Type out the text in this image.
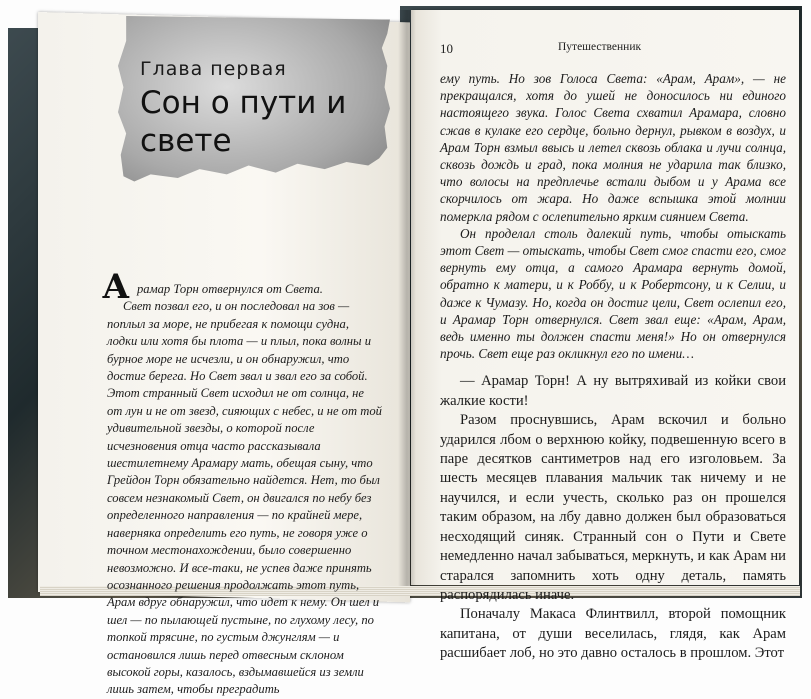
Глава первая
Сон о пути и свете
А рамар Торн отвернулся от Света.

Свет позвал его, и он последовал на зов — поплыл за море, не прибегая к помощи судна, лодки или хотя бы плота — и плыл, пока волны и бурное море не исчезли, и он обнаружил, что достиг берега. Но Свет звал и звал его за собой. Этот странный Свет исходил не от солнца, не от лун и не от звезд, сияющих с небес, и не от той удивительной звезды, о которой после исчезновения отца часто рассказывала шестилетнему Арамару мать, обещая сыну, что Грейдон Торн обязательно найдется. Нет, то был совсем незнакомый Свет, он двигался по небу без определенного направления — по крайней мере, наверняка определить его путь, не говоря уже о точном местонахождении, было совершенно невозможно. И все-таки, не успев даже принять осознанного решения продолжать этот путь, Арам вдруг обнаружил, что идет к нему. Он шел и шел — по пылающей пустыне, по глухому лесу, по топкой трясине, по густым джунглям — и остановился лишь перед отвесным склоном высокой горы, казалось, вздымавшейся из земли лишь затем, чтобы преградить

10	Путешественник

ему путь. Но зов Голоса Света: «Арам, Арам», — не прекращался, хотя до ушей не доносилось ни единого настоящего звука. Голос Света схватил Арамара, словно сжав в кулаке его сердце, больно дернул, рывком в воздух, и Арам Торн взмыл ввысь и летел сквозь облака и лучи солнца, сквозь дождь и град, пока молния не ударила так близко, что волосы на предплечье встали дыбом и у Арама все скорчилось от жара. Но даже вспышка этой молнии померкла рядом с ослепительно ярким сиянием Света.

Он проделал столь далекий путь, чтобы отыскать этот Свет — отыскать, чтобы Свет смог спасти его, смог вернуть ему отца, а самого Арамара вернуть домой, обратно к матери, и к Роббу, и к Робертсону, и к Селии, и даже к Чумазу. Но, когда он достиг цели, Свет ослепил его, и Арамар Торн отвернулся. Свет звал еще: «Арам, Арам, ведь именно ты должен спасти меня!» Но он отвернулся прочь. Свет еще раз окликнул его по имени…

— Арамар Торн! А ну вытряхивай из койки свои жалкие кости!

Разом проснувшись, Арам вскочил и больно ударился лбом о верхнюю койку, подвешенную всего в паре десятков сантиметров над его изголовьем. За шесть месяцев плавания мальчик так ничему и не научился, и если учесть, сколько раз он прошелся таким образом, на лбу давно должен был образоваться несходящий синяк. Странный сон о Пути и Свете немедленно начал забываться, меркнуть, и как Арам ни старался запомнить хоть одну деталь, память распорядилась иначе.

Поначалу Макаса Флинтвилл, второй помощник капитана, от души веселилась, глядя, как Арам расшибает лоб, но это давно осталось в прошлом. Этот
